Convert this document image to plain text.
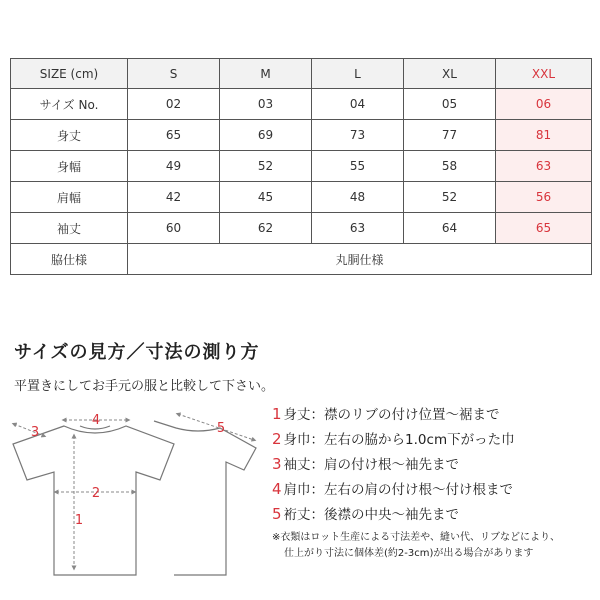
SIZE (cm)	S	M	L	XL	XXL
サイズ No.	02	03	04	05	06
身丈	65	69	73	77	81
身幅	49	52	55	58	63
肩幅	42	45	48	52	56
袖丈	60	62	63	64	65
脇仕様	丸胴仕様				
サイズの見方／寸法の測り方

平置きにしてお手元の服と比較して下さい。

3
4
5
2
1
1 身丈：襟のリブの付け位置～裾まで
2 身巾：左右の脇から1.0cm下がった巾
3 袖丈：肩の付け根～袖先まで
4 肩巾：左右の肩の付け根～付け根まで
5 裄丈：後襟の中央～袖先まで
※衣類はロット生産による寸法差や、縫い代、リブなどにより、
仕上がり寸法に個体差(約2-3cm)が出る場合があります
